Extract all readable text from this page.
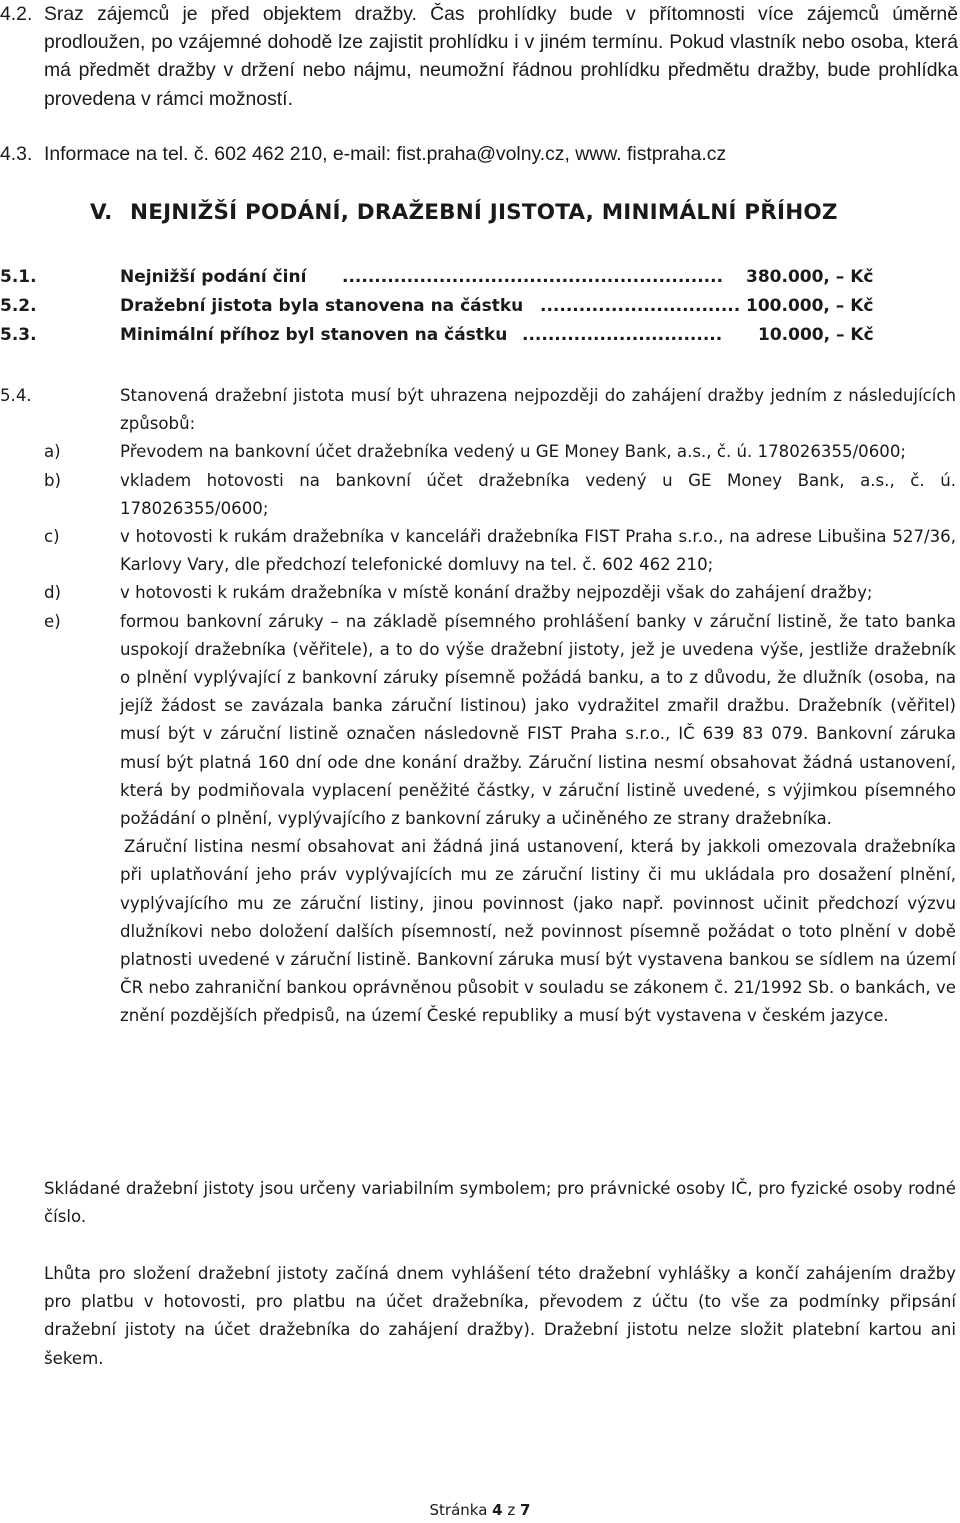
4.2. Sraz zájemců je před objektem dražby. Čas prohlídky bude v přítomnosti více zájemců úměrně prodloužen, po vzájemné dohodě lze zajistit prohlídku i v jiném termínu. Pokud vlastník nebo osoba, která má předmět dražby v držení nebo nájmu, neumožní řádnou prohlídku předmětu dražby, bude prohlídka provedena v rámci možností.
4.3. Informace na tel. č. 602 462 210, e-mail: fist.praha@volny.cz, www. fistpraha.cz
V. NEJNIŽŠÍ PODÁNÍ, DRAŽEBNÍ JISTOTA, MINIMÁLNÍ PŘÍHOZ
5.1.	Nejnižší podání činí ...........................................................	380.000, – Kč
5.2.	Dražební jistota byla stanovena na částku ............................... 100.000, – Kč
5.3.	Minimální příhoz byl stanoven na částku ...............................	10.000, – Kč
5.4.	Stanovená dražební jistota musí být uhrazena nejpozději do zahájení dražby jedním z následujících způsobů:
a)	Převodem na bankovní účet dražebníka vedený u GE Money Bank, a.s., č. ú. 178026355/0600;

b)	vkladem hotovosti na bankovní účet dražebníka vedený u GE Money Bank, a.s., č. ú. 178026355/0600;

c)	v hotovosti k rukám dražebníka v kanceláři dražebníka FIST Praha s.r.o., na adrese Libušina 527/36, Karlovy Vary, dle předchozí telefonické domluvy na tel. č. 602 462 210;

d)	v hotovosti k rukám dražebníka v místě konání dražby nejpozději však do zahájení dražby;

e)	formou bankovní záruky – na základě písemného prohlášení banky v záruční listině, že tato banka uspokojí dražebníka (věřitele), a to do výše dražební jistoty, jež je uvedena výše, jestliže dražebník o plnění vyplývající z bankovní záruky písemně požádá banku, a to z důvodu, že dlužník (osoba, na jejíž žádost se zavázala banka záruční listinou) jako vydražitel zmařil dražbu. Dražebník (věřitel) musí být v záruční listině označen následovně FIST Praha s.r.o., IČ 639 83 079. Bankovní záruka musí být platná 160 dní ode dne konání dražby. Záruční listina nesmí obsahovat žádná ustanovení, která by podmiňovala vyplacení peněžité částky, v záruční listině uvedené, s výjimkou písemného požádání o plnění, vyplývajícího z bankovní záruky a učiněného ze strany dražebníka.

Záruční listina nesmí obsahovat ani žádná jiná ustanovení, která by jakkoli omezovala dražebníka při uplatňování jeho práv vyplývajících mu ze záruční listiny či mu ukládala pro dosažení plnění, vyplývajícího mu ze záruční listiny, jinou povinnost (jako např. povinnost učinit předchozí výzvu dlužníkovi nebo doložení dalších písemností, než povinnost písemně požádat o toto plnění v době platnosti uvedené v záruční listině. Bankovní záruka musí být vystavena bankou se sídlem na území ČR nebo zahraniční bankou oprávněnou působit v souladu se zákonem č. 21/1992 Sb. o bankách, ve znění pozdějších předpisů, na území České republiky a musí být vystavena v českém jazyce.

Skládané dražební jistoty jsou určeny variabilním symbolem; pro právnické osoby IČ, pro fyzické osoby rodné číslo.
Lhůta pro složení dražební jistoty začíná dnem vyhlášení této dražební vyhlášky a končí zahájením dražby pro platbu v hotovosti, pro platbu na účet dražebníka, převodem z účtu (to vše za podmínky připsání dražební jistoty na účet dražebníka do zahájení dražby). Dražební jistotu nelze složit platební kartou ani šekem.
Stránka 4 z 7
